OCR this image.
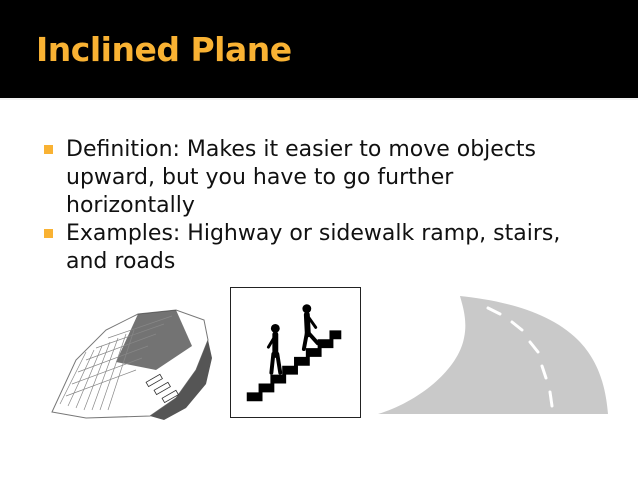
Inclined Plane
Definition: Makes it easier to move objects upward, but you have to go further horizontally
Examples: Highway or sidewalk ramp, stairs, and roads
